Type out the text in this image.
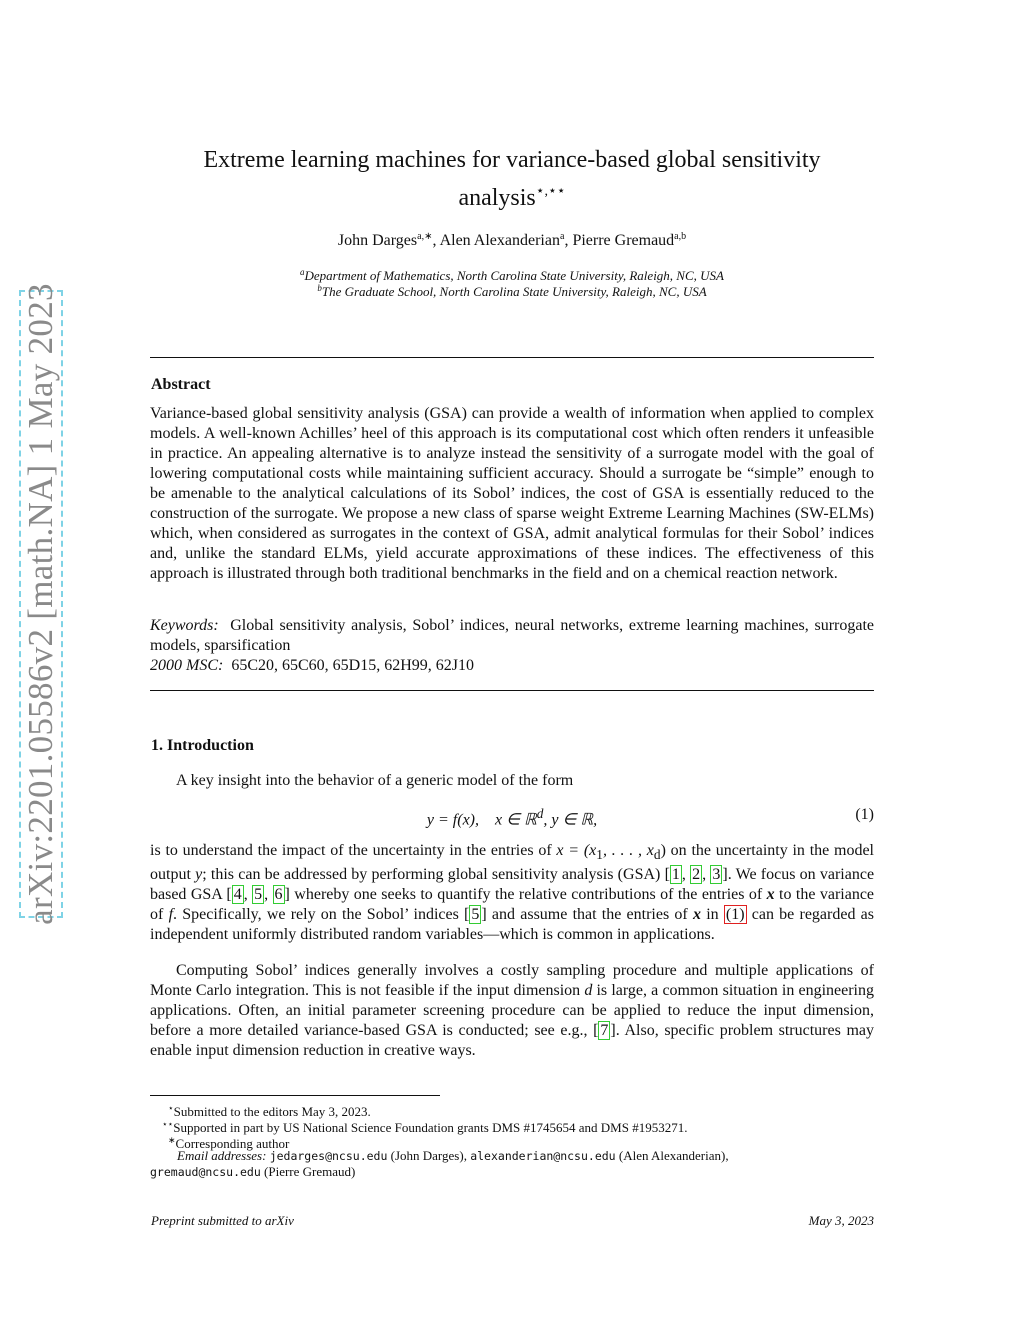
arXiv:2201.05586v2 [math.NA] 1 May 2023
Extreme learning machines for variance-based global sensitivity
analysis⋆,⋆⋆
John Darges$^{a,∗}$, Alen Alexanderian$^a$, Pierre Gremaud$^{a,b}$
$^a$Department of Mathematics, North Carolina State University, Raleigh, NC, USA
$^b$The Graduate School, North Carolina State University, Raleigh, NC, USA
Abstract
Variance-based global sensitivity analysis (GSA) can provide a wealth of information when applied to complex models. A well-known Achilles’ heel of this approach is its computational cost which often renders it unfeasible in practice. An appealing alternative is to analyze instead the sensitivity of a surrogate model with the goal of lowering computational costs while maintaining sufficient accuracy. Should a surrogate be “simple” enough to be amenable to the analytical calculations of its Sobol’ indices, the cost of GSA is essentially reduced to the construction of the surrogate. We propose a new class of sparse weight Extreme Learning Machines (SW-ELMs) which, when considered as surrogates in the context of GSA, admit analytical formulas for their Sobol’ indices and, unlike the standard ELMs, yield accurate approximations of these indices. The effectiveness of this approach is illustrated through both traditional benchmarks in the field and on a chemical reaction network.
Keywords: Global sensitivity analysis, Sobol’ indices, neural networks, extreme learning machines, surrogate models, sparsification
2000 MSC: 65C20, 65C60, 65D15, 62H99, 62J10
1. Introduction
A key insight into the behavior of a generic model of the form
y = f(x), x ∈ ℝ$^d$, y ∈ ℝ,	(1)
is to understand the impact of the uncertainty in the entries of $x = (x_1$, . . . , $x_d$) on the uncertainty in the model output y; this can be addressed by performing global sensitivity analysis (GSA) [ 1 , 2 , 3 ]. We focus on variance based GSA [ 4 , 5 , 6 ] whereby one seeks to quantify the relative contributions of the entries of x to the variance of f. Specifically, we rely on the Sobol’ indices [ 5 ] and assume that the entries of x in (1) can be regarded as independent uniformly distributed random variables—which is common in applications.
Computing Sobol’ indices generally involves a costly sampling procedure and multiple applications of Monte Carlo integration. This is not feasible if the input dimension d is large, a common situation in engineering applications. Often, an initial parameter screening procedure can be applied to reduce the input dimension, before a more detailed variance-based GSA is conducted; see e.g., [ 7 ]. Also, specific problem structures may enable input dimension reduction in creative ways.
⋆Submitted to the editors May 3, 2023.
⋆⋆Supported in part by US National Science Foundation grants DMS #1745654 and DMS #1953271.
∗Corresponding author
Email addresses: jedarges@ncsu.edu (John Darges), alexanderian@ncsu.edu (Alen Alexanderian),
gremaud@ncsu.edu (Pierre Gremaud)
Preprint submitted to arXiv	May 3, 2023
